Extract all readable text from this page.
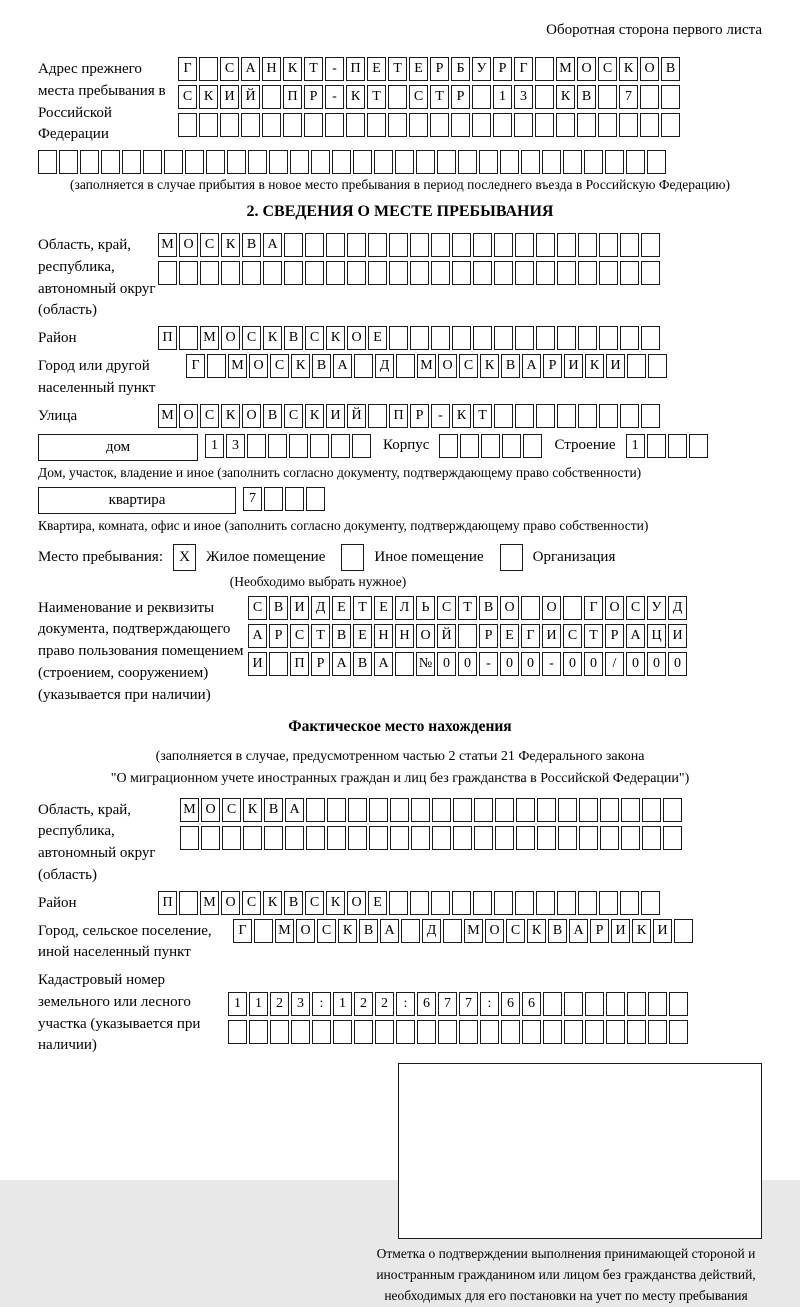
Оборотная сторона первого листа
Адрес прежнего места пребывания в Российской Федерации
Г	С А Н К Т	- П Е Т Е Р Б У Р Г	М О С К О В
С К И Й	П Р	-	К Т	С Т Р	1	3	К В	7
(заполняется в случае прибытия в новое место пребывания в период последнего въезда в Российскую Федерацию)
2. СВЕДЕНИЯ О МЕСТЕ ПРЕБЫВАНИЯ
Область, край, республика, автономный округ (область)
М О С К В А
Район	П	М О С К В С К О Е
Город или другой населенный пункт
Г	М О С К В А	Д	М О С К В А Р И К И
Улица	М О С К О В С К И Й	П Р	-	К Т
дом	1	3	Корпус	Строение	1
Дом, участок, владение и иное (заполнить согласно документу, подтверждающему право собственности)
квартира	7
Квартира, комната, офис и иное (заполнить согласно документу, подтверждающему право собственности)
Место пребывания:	X	Жилое помещение	Иное помещение	Организация
(Необходимо выбрать нужное)
Наименование и реквизиты документа, подтверждающего право пользования помещением (строением, сооружением) (указывается при наличии)
С В И Д Е Т Е Л Ь С Т В О	О	Г О С У Д
А Р С Т В Е Н Н О Й	Р Е Г И С Т Р А Ц И
И	П Р А В А	№ 0	0	-	0	0	-	0	0	/	0	0	0
Фактическое место нахождения
(заполняется в случае, предусмотренном частью 2 статьи 21 Федерального закона
"О миграционном учете иностранных граждан и лиц без гражданства в Российской Федерации")
Область, край, республика, автономный округ (область)
М О С К В А
Район	П	М О С К В С К О Е
Город, сельское поселение, иной населенный пункт
Г	М О С К В А	Д	М О С К В А Р И К И
Кадастровый номер земельного или лесного участка (указывается при наличии)
1	1	2	3	:	1	2	2	:	6	7	7	:	6	6
Отметка о подтверждении выполнения принимающей стороной и иностранным гражданином или лицом без гражданства действий, необходимых для его постановки на учет по месту пребывания
